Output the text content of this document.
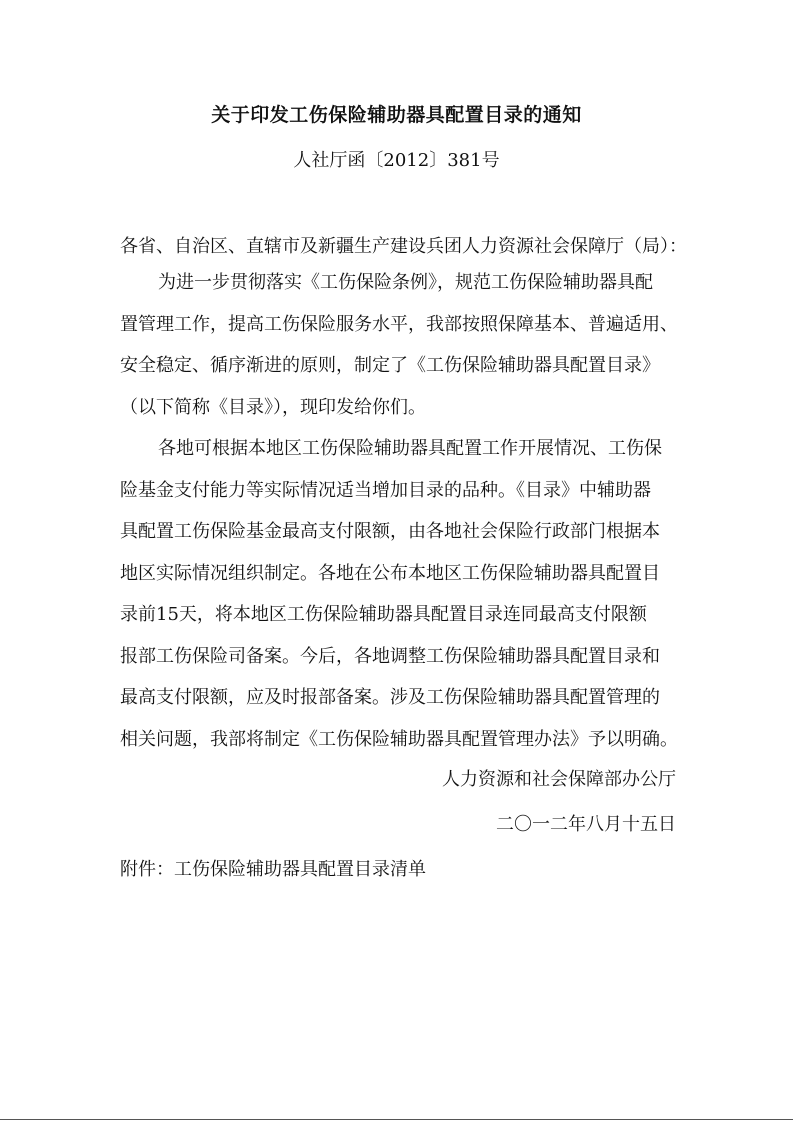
关于印发工伤保险辅助器具配置目录的通知
人社厅函〔2012〕381号
各省、自治区、直辖市及新疆生产建设兵团人力资源社会保障厅（局）：
为进一步贯彻落实《工伤保险条例》，规范工伤保险辅助器具配
置管理工作，提高工伤保险服务水平，我部按照保障基本、普遍适用、
安全稳定、循序渐进的原则，制定了《工伤保险辅助器具配置目录》
（以下简称《目录》），现印发给你们。
各地可根据本地区工伤保险辅助器具配置工作开展情况、工伤保
险基金支付能力等实际情况适当增加目录的品种。《目录》中辅助器
具配置工伤保险基金最高支付限额，由各地社会保险行政部门根据本
地区实际情况组织制定。各地在公布本地区工伤保险辅助器具配置目
录前15天，将本地区工伤保险辅助器具配置目录连同最高支付限额
报部工伤保险司备案。今后，各地调整工伤保险辅助器具配置目录和
最高支付限额，应及时报部备案。涉及工伤保险辅助器具配置管理的
相关问题，我部将制定《工伤保险辅助器具配置管理办法》予以明确。
人力资源和社会保障部办公厅
二〇一二年八月十五日
附件：工伤保险辅助器具配置目录清单
